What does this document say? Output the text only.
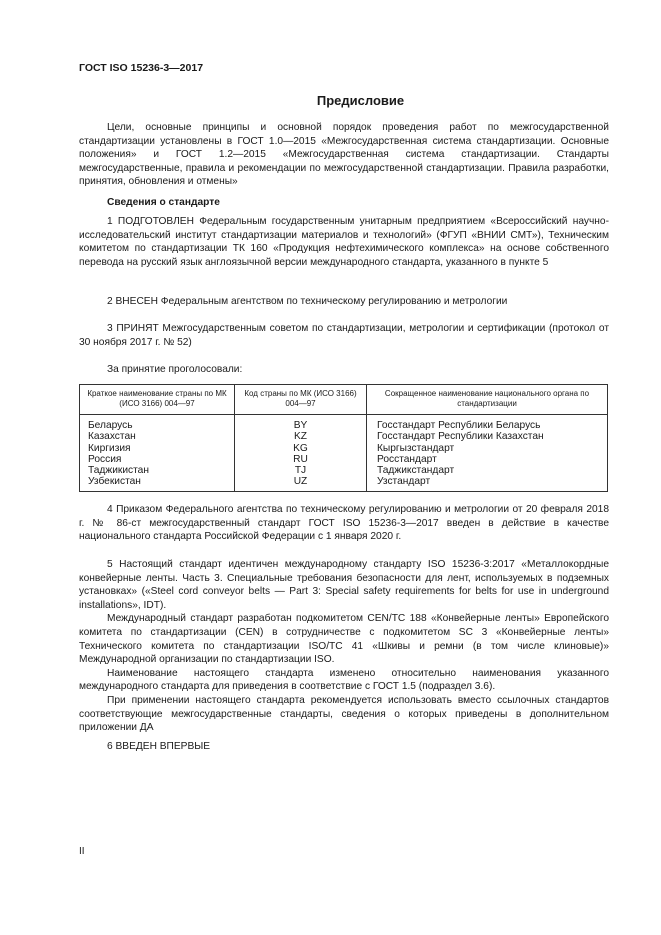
ГОСТ ISO 15236-3—2017
Предисловие
Цели, основные принципы и основной порядок проведения работ по межгосударственной стандартизации установлены в ГОСТ 1.0—2015 «Межгосударственная система стандартизации. Основные положения» и ГОСТ 1.2—2015 «Межгосударственная система стандартизации. Стандарты межгосударственные, правила и рекомендации по межгосударственной стандартизации. Правила разработки, принятия, обновления и отмены»
Сведения о стандарте
1 ПОДГОТОВЛЕН Федеральным государственным унитарным предприятием «Всероссийский научно-исследовательский институт стандартизации материалов и технологий» (ФГУП «ВНИИ СМТ»), Техническим комитетом по стандартизации ТК 160 «Продукция нефтехимического комплекса» на основе собственного перевода на русский язык англоязычной версии международного стандарта, указанного в пункте 5
2 ВНЕСЕН Федеральным агентством по техническому регулированию и метрологии
3 ПРИНЯТ Межгосударственным советом по стандартизации, метрологии и сертификации (протокол от 30 ноября 2017 г. № 52)
За принятие проголосовали:
Краткое наименование страны по МК (ИСО 3166) 004—97	Код страны по МК (ИСО 3166) 004—97	Сокращенное наименование национального органа по стандартизации
Беларусь	BY	Госстандарт Республики Беларусь
Казахстан	KZ	Госстандарт Республики Казахстан
Киргизия	KG	Кыргызстандарт
Россия	RU	Росстандарт
Таджикистан	TJ	Таджикстандарт
Узбекистан	UZ	Узстандарт
4 Приказом Федерального агентства по техническому регулированию и метрологии от 20 февраля 2018 г. № 86-ст межгосударственный стандарт ГОСТ ISO 15236-3—2017 введен в действие в качестве национального стандарта Российской Федерации с 1 января 2020 г.

5 Настоящий стандарт идентичен международному стандарту ISO 15236-3:2017 «Металлокордные конвейерные ленты. Часть 3. Специальные требования безопасности для лент, используемых в подземных установках» («Steel cord conveyor belts — Part 3: Special safety requirements for belts for use in underground installations», IDT).

Международный стандарт разработан подкомитетом CEN/TC 188 «Конвейерные ленты» Европейского комитета по стандартизации (CEN) в сотрудничестве с подкомитетом SC 3 «Конвейерные ленты» Технического комитета по стандартизации ISO/TC 41 «Шкивы и ремни (в том числе клиновые)» Международной организации по стандартизации ISO.

Наименование настоящего стандарта изменено относительно наименования указанного международного стандарта для приведения в соответствие с ГОСТ 1.5 (подраздел 3.6).

При применении настоящего стандарта рекомендуется использовать вместо ссылочных стандартов соответствующие межгосударственные стандарты, сведения о которых приведены в дополнительном приложении ДА

6 ВВЕДЕН ВПЕРВЫЕ
II
